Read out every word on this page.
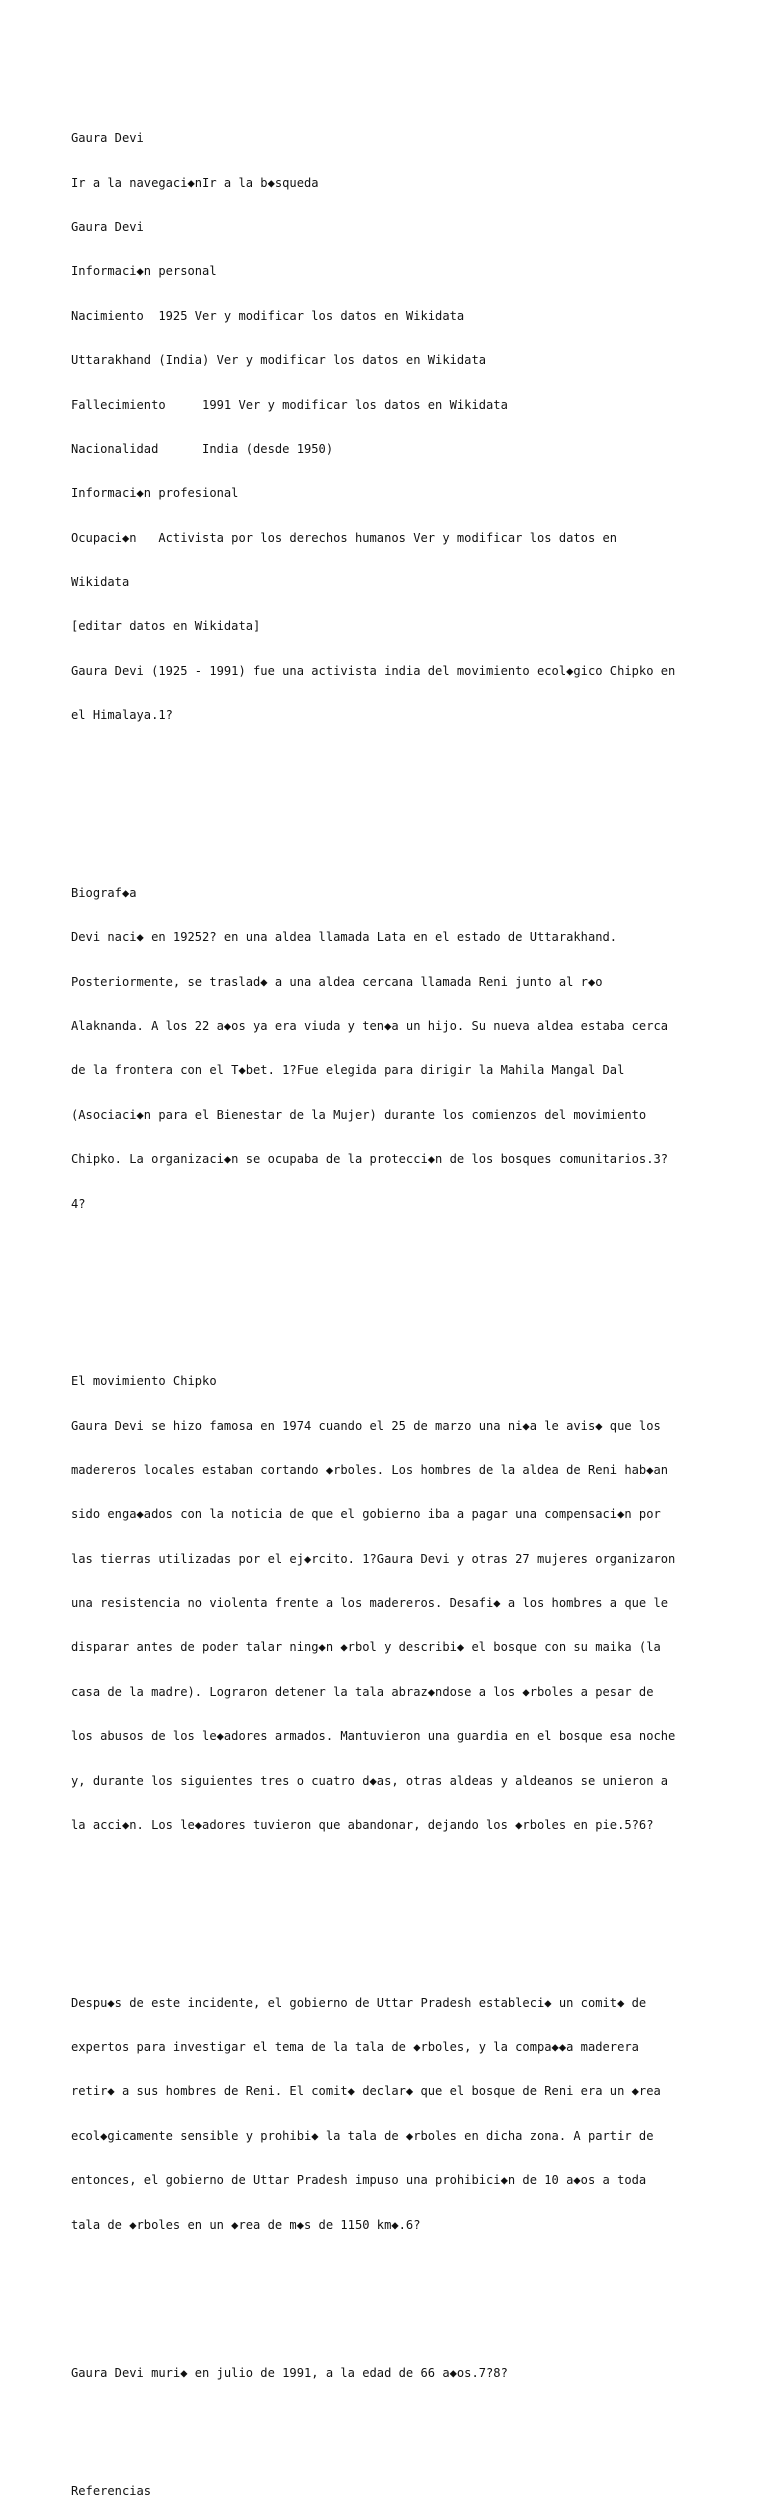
Gaura Devi

Ir a la navegaci◆nIr a la b◆squeda

Gaura Devi

Informaci◆n personal

Nacimiento  1925 Ver y modificar los datos en Wikidata

Uttarakhand (India) Ver y modificar los datos en Wikidata

Fallecimiento     1991 Ver y modificar los datos en Wikidata

Nacionalidad      India (desde 1950)

Informaci◆n profesional

Ocupaci◆n   Activista por los derechos humanos Ver y modificar los datos en

Wikidata

[editar datos en Wikidata]

Gaura Devi (1925 - 1991) fue una activista india del movimiento ecol◆gico Chipko en

el Himalaya.1?

Biograf◆a

Devi naci◆ en 19252? en una aldea llamada Lata en el estado de Uttarakhand.

Posteriormente, se traslad◆ a una aldea cercana llamada Reni junto al r◆o

Alaknanda. A los 22 a◆os ya era viuda y ten◆a un hijo. Su nueva aldea estaba cerca

de la frontera con el T◆bet. 1?Fue elegida para dirigir la Mahila Mangal Dal

(Asociaci◆n para el Bienestar de la Mujer) durante los comienzos del movimiento

Chipko. La organizaci◆n se ocupaba de la protecci◆n de los bosques comunitarios.3?

4?

El movimiento Chipko

Gaura Devi se hizo famosa en 1974 cuando el 25 de marzo una ni◆a le avis◆ que los

madereros locales estaban cortando ◆rboles. Los hombres de la aldea de Reni hab◆an

sido enga◆ados con la noticia de que el gobierno iba a pagar una compensaci◆n por

las tierras utilizadas por el ej◆rcito. 1?Gaura Devi y otras 27 mujeres organizaron

una resistencia no violenta frente a los madereros. Desafi◆ a los hombres a que le

disparar antes de poder talar ning◆n ◆rbol y describi◆ el bosque con su maika (la

casa de la madre). Lograron detener la tala abraz◆ndose a los ◆rboles a pesar de

los abusos de los le◆adores armados. Mantuvieron una guardia en el bosque esa noche

y, durante los siguientes tres o cuatro d◆as, otras aldeas y aldeanos se unieron a

la acci◆n. Los le◆adores tuvieron que abandonar, dejando los ◆rboles en pie.5?6?

Despu◆s de este incidente, el gobierno de Uttar Pradesh estableci◆ un comit◆ de

expertos para investigar el tema de la tala de ◆rboles, y la compa◆◆a maderera

retir◆ a sus hombres de Reni. El comit◆ declar◆ que el bosque de Reni era un ◆rea

ecol◆gicamente sensible y prohibi◆ la tala de ◆rboles en dicha zona. A partir de

entonces, el gobierno de Uttar Pradesh impuso una prohibici◆n de 10 a◆os a toda

tala de ◆rboles en un ◆rea de m◆s de 1150 km◆.6?

Gaura Devi muri◆ en julio de 1991, a la edad de 66 a◆os.7?8?

Referencias
